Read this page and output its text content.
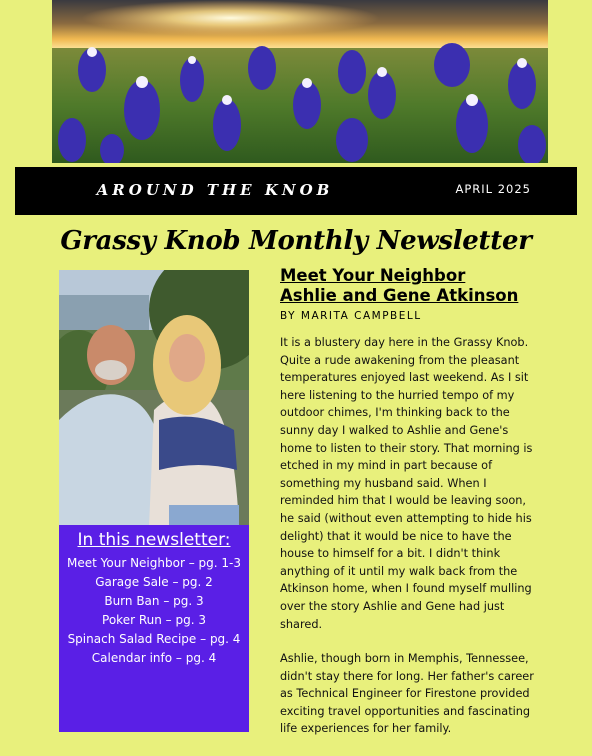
AROUND THE KNOB	APRIL 2025
Grassy Knob Monthly Newsletter
In this newsletter:
Meet Your Neighbor – pg. 1-3
Garage Sale – pg. 2
Burn Ban – pg. 3
Poker Run – pg. 3
Spinach Salad Recipe – pg. 4
Calendar info – pg. 4
Meet Your Neighbor
Ashlie and Gene Atkinson
BY MARITA CAMPBELL

It is a blustery day here in the Grassy Knob. Quite a rude awakening from the pleasant temperatures enjoyed last weekend. As I sit here listening to the hurried tempo of my outdoor chimes, I'm thinking back to the sunny day I walked to Ashlie and Gene's home to listen to their story. That morning is etched in my mind in part because of something my husband said. When I reminded him that I would be leaving soon, he said (without even attempting to hide his delight) that it would be nice to have the house to himself for a bit. I didn't think anything of it until my walk back from the Atkinson home, when I found myself mulling over the story Ashlie and Gene had just shared.

Ashlie, though born in Memphis, Tennessee, didn't stay there for long. Her father's career as Technical Engineer for Firestone provided exciting travel opportunities and fascinating life experiences for her family.
